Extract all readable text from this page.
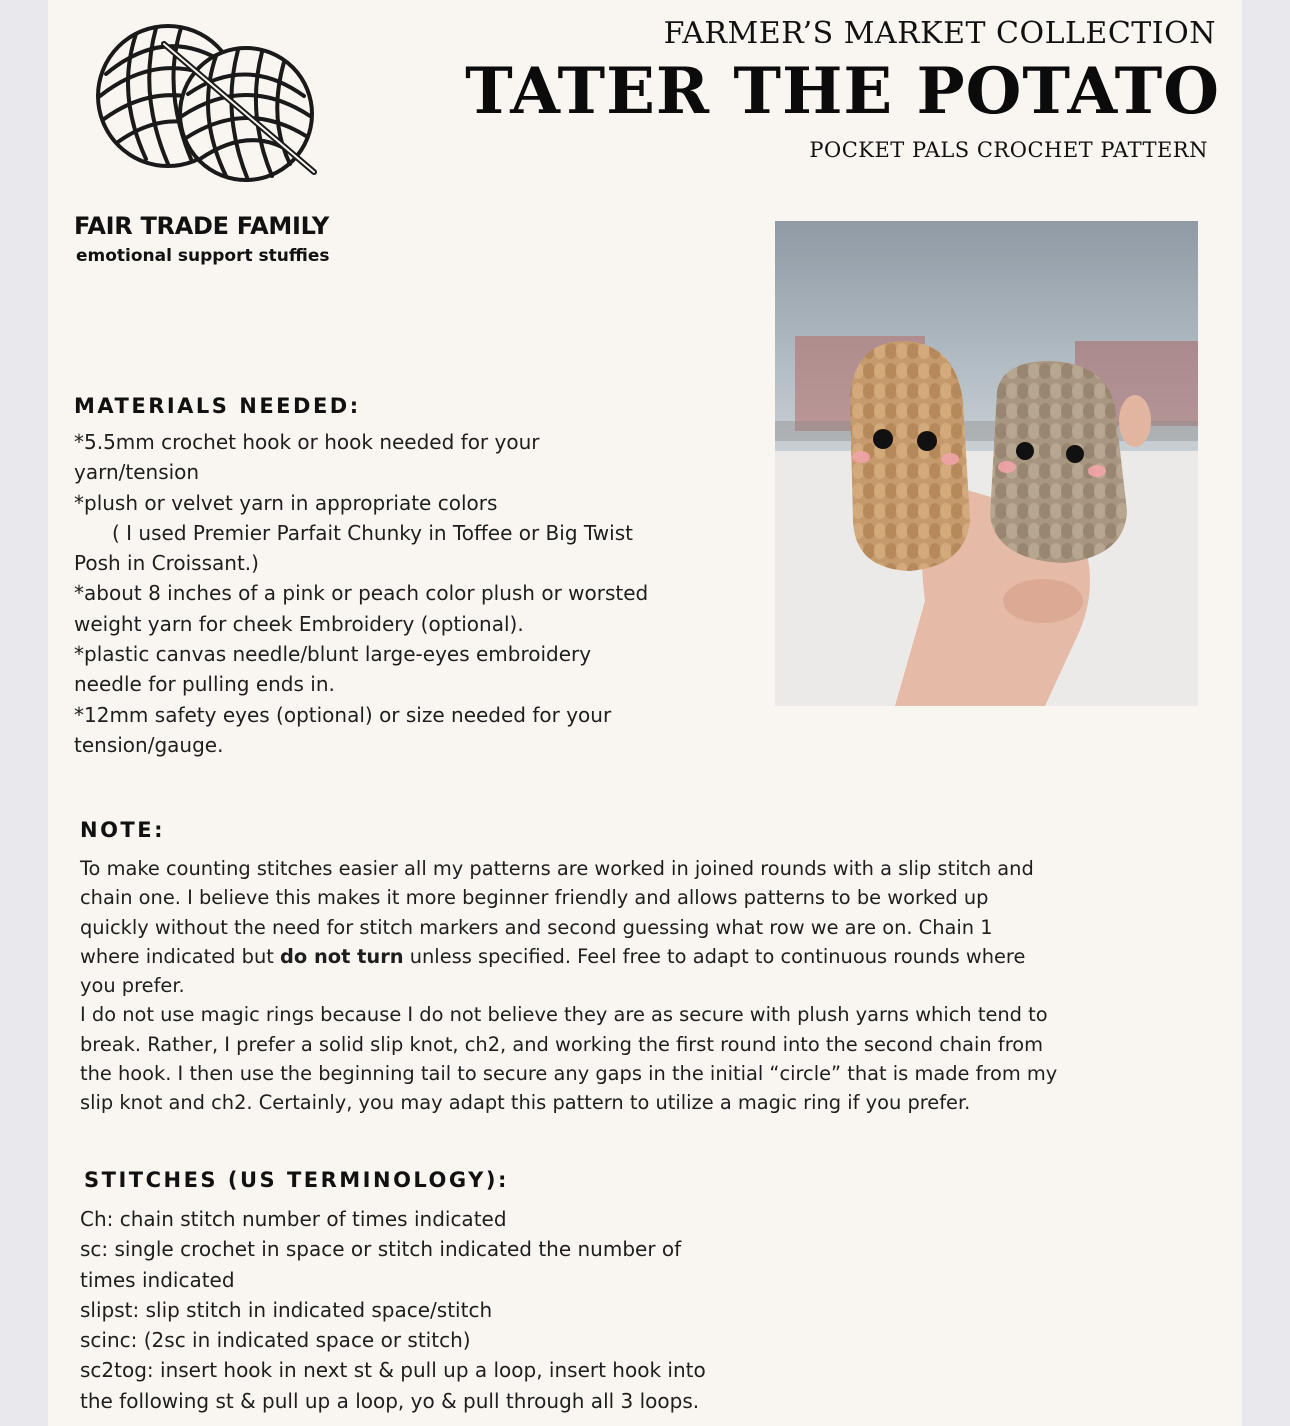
FAIR TRADE FAMILY
emotional support stuffies
FARMER’S MARKET COLLECTION
TATER THE POTATO
POCKET PALS CROCHET PATTERN
MATERIALS NEEDED:
*5.5mm crochet hook or hook needed for your
yarn/tension
*plush or velvet yarn in appropriate colors
( I used Premier Parfait Chunky in Toffee or Big Twist
Posh in Croissant.)
*about 8 inches of a pink or peach color plush or worsted
weight yarn for cheek Embroidery (optional).
*plastic canvas needle/blunt large-eyes embroidery
needle for pulling ends in.
*12mm safety eyes (optional) or size needed for your
tension/gauge.
NOTE:
To make counting stitches easier all my patterns are worked in joined rounds with a slip stitch and
chain one. I believe this makes it more beginner friendly and allows patterns to be worked up
quickly without the need for stitch markers and second guessing what row we are on. Chain 1
where indicated but do not turn unless specified. Feel free to adapt to continuous rounds where
you prefer.
I do not use magic rings because I do not believe they are as secure with plush yarns which tend to
break. Rather, I prefer a solid slip knot, ch2, and working the first round into the second chain from
the hook. I then use the beginning tail to secure any gaps in the initial “circle” that is made from my
slip knot and ch2. Certainly, you may adapt this pattern to utilize a magic ring if you prefer.
STITCHES (US TERMINOLOGY):
Ch: chain stitch number of times indicated
sc: single crochet in space or stitch indicated the number of
times indicated
slipst: slip stitch in indicated space/stitch
scinc: (2sc in indicated space or stitch)
sc2tog: insert hook in next st & pull up a loop, insert hook into
the following st & pull up a loop, yo & pull through all 3 loops.
